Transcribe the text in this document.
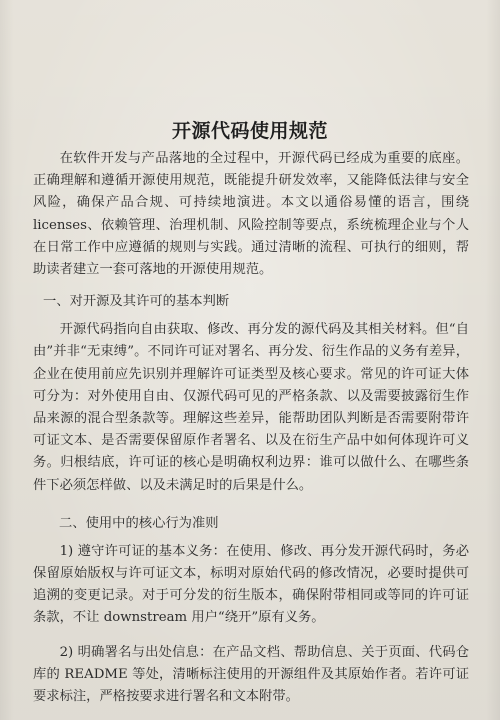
开源代码使用规范

在软件开发与产品落地的全过程中，开源代码已经成为重要的底座。正确理解和遵循开源使用规范，既能提升研发效率，又能降低法律与安全风险，确保产品合规、可持续地演进。本文以通俗易懂的语言，围绕 licenses、依赖管理、治理机制、风险控制等要点，系统梳理企业与个人在日常工作中应遵循的规则与实践。通过清晰的流程、可执行的细则，帮助读者建立一套可落地的开源使用规范。

一、对开源及其许可的基本判断

开源代码指向自由获取、修改、再分发的源代码及其相关材料。但“自由”并非“无束缚”。不同许可证对署名、再分发、衍生作品的义务有差异，企业在使用前应先识别并理解许可证类型及核心要求。常见的许可证大体可分为：对外使用自由、仅源代码可见的严格条款、以及需要披露衍生作品来源的混合型条款等。理解这些差异，能帮助团队判断是否需要附带许可证文本、是否需要保留原作者署名、以及在衍生产品中如何体现许可义务。归根结底，许可证的核心是明确权利边界：谁可以做什么、在哪些条件下必须怎样做、以及未满足时的后果是什么。

二、使用中的核心行为准则

1) 遵守许可证的基本义务：在使用、修改、再分发开源代码时，务必保留原始版权与许可证文本，标明对原始代码的修改情况，必要时提供可追溯的变更记录。对于可分发的衍生版本，确保附带相同或等同的许可证条款，不让 downstream 用户“绕开”原有义务。

2) 明确署名与出处信息：在产品文档、帮助信息、关于页面、代码仓库的 README 等处，清晰标注使用的开源组件及其原始作者。若许可证要求标注，严格按要求进行署名和文本附带。
